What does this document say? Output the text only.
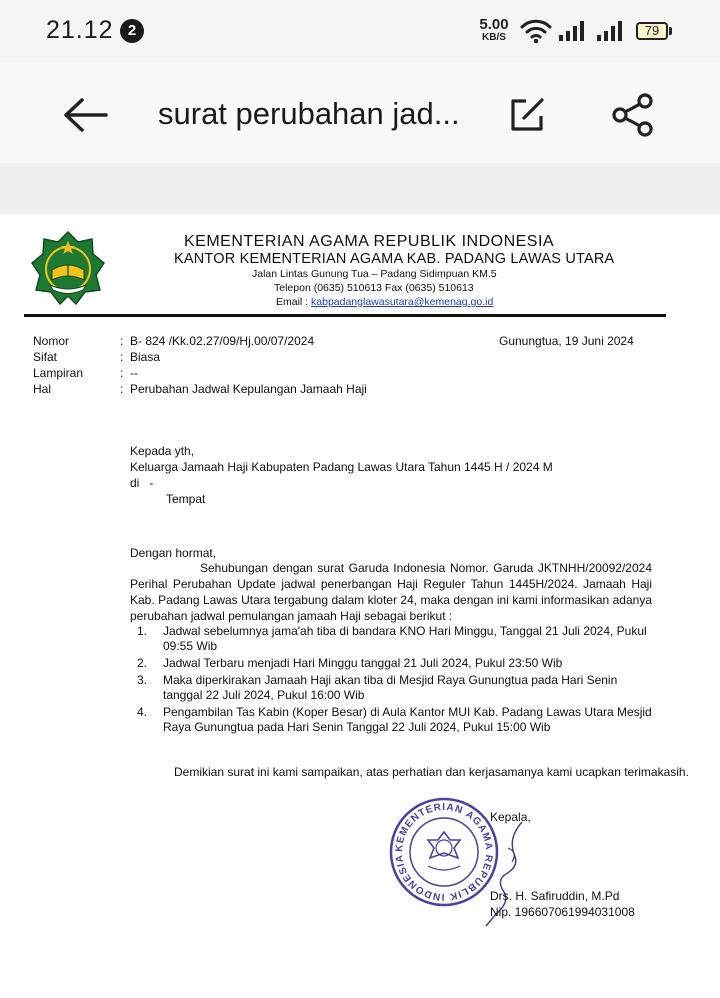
21.12 2	5.00
KB/S	79
surat perubahan jad...
KEMENTERIAN AGAMA REPUBLIK INDONESIA
KANTOR KEMENTERIAN AGAMA KAB. PADANG LAWAS UTARA
Jalan Lintas Gunung Tua – Padang Sidimpuan KM.5
Telepon (0635) 510613 Fax (0635) 510613
Email : kabpadanglawasutara@kemenag.go.id
Nomor	: B- 824 /Kk.02.27/09/Hj.00/07/2024	Gunungtua, 19 Juni 2024
Sifat	: Biasa
Lampiran	: --
Hal	: Perubahan Jadwal Kepulangan Jamaah Haji
Kepada yth,
Keluarga Jamaah Haji Kabupaten Padang Lawas Utara Tahun 1445 H / 2024 M
di   -
Tempat
Dengan hormat,
Sehubungan dengan surat Garuda Indonesia Nomor. Garuda JKTNHH/20092/2024 Perihal Perubahan Update jadwal penerbangan Haji Reguler Tahun 1445H/2024. Jamaah Haji Kab. Padang Lawas Utara tergabung dalam kloter 24, maka dengan ini kami informasikan adanya perubahan jadwal pemulangan jamaah Haji sebagai berikut :
1. Jadwal sebelumnya jama'ah tiba di bandara KNO Hari Minggu, Tanggal 21 Juli 2024, Pukul 09:55 Wib
2. Jadwal Terbaru menjadi Hari Minggu tanggal 21 Juli 2024, Pukul 23:50 Wib
3. Maka diperkirakan Jamaah Haji akan tiba di Mesjid Raya Gunungtua pada Hari Senin tanggal 22 Juli 2024, Pukul 16:00 Wib
4. Pengambilan Tas Kabin (Koper Besar) di Aula Kantor MUI Kab. Padang Lawas Utara Mesjid Raya Gunungtua pada Hari Senin Tanggal 22 Juli 2024, Pukul 15:00 Wib
Demikian surat ini kami sampaikan, atas perhatian dan kerjasamanya kami ucapkan terimakasih.
KEMENTERIAN AGAMA REPUBLIK INDONESIA
Kepala,
Drs. H. Safiruddin, M.Pd
Nip. 196607061994031008
